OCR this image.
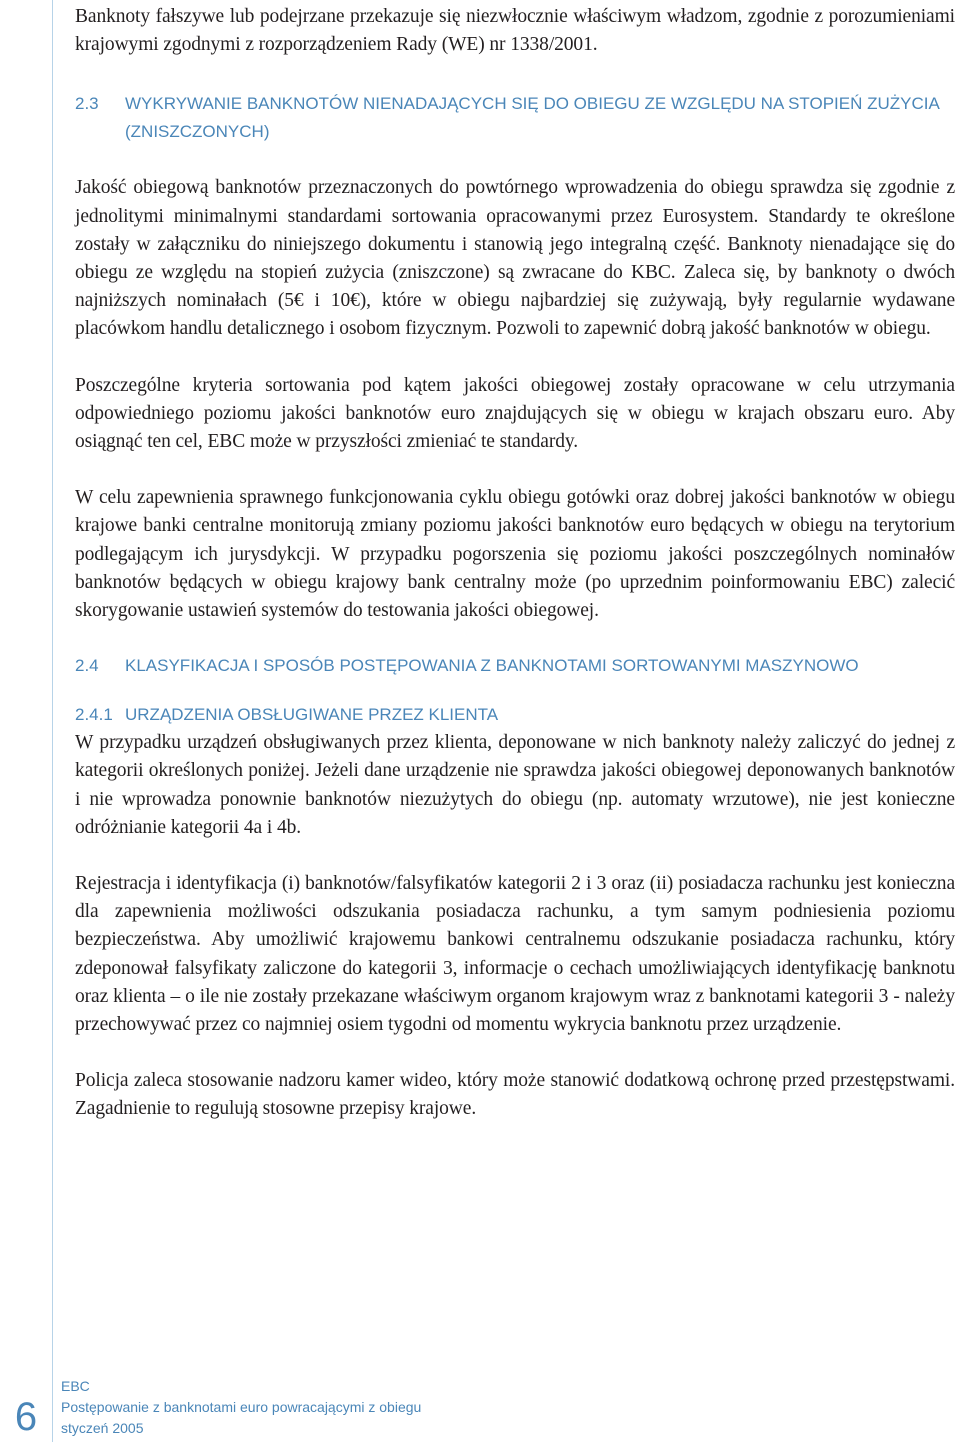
Banknoty fałszywe lub podejrzane przekazuje się niezwłocznie właściwym władzom, zgodnie z porozumieniami krajowymi zgodnymi z rozporządzeniem Rady (WE) nr 1338/2001.

2.3	WYKRYWANIE BANKNOTÓW NIENADAJĄCYCH SIĘ DO OBIEGU ZE WZGLĘDU NA STOPIEŃ ZUŻYCIA (ZNISZCZONYCH)

Jakość obiegową banknotów przeznaczonych do powtórnego wprowadzenia do obiegu sprawdza się zgodnie z jednolitymi minimalnymi standardami sortowania opracowanymi przez Eurosystem. Standardy te określone zostały w załączniku do niniejszego dokumentu i stanowią jego integralną część. Banknoty nienadające się do obiegu ze względu na stopień zużycia (zniszczone) są zwracane do KBC. Zaleca się, by banknoty o dwóch najniższych nominałach (5€ i 10€), które w obiegu najbardziej się zużywają, były regularnie wydawane placówkom handlu detalicznego i osobom fizycznym. Pozwoli to zapewnić dobrą jakość banknotów w obiegu.

Poszczególne kryteria sortowania pod kątem jakości obiegowej zostały opracowane w celu utrzymania odpowiedniego poziomu jakości banknotów euro znajdujących się w obiegu w krajach obszaru euro. Aby osiągnąć ten cel, EBC może w przyszłości zmieniać te standardy.

W celu zapewnienia sprawnego funkcjonowania cyklu obiegu gotówki oraz dobrej jakości banknotów w obiegu krajowe banki centralne monitorują zmiany poziomu jakości banknotów euro będących w obiegu na terytorium podlegającym ich jurysdykcji. W przypadku pogorszenia się poziomu jakości poszczególnych nominałów banknotów będących w obiegu krajowy bank centralny może (po uprzednim poinformowaniu EBC) zalecić skorygowanie ustawień systemów do testowania jakości obiegowej.

2.4	KLASYFIKACJA I SPOSÓB POSTĘPOWANIA Z BANKNOTAMI SORTOWANYMI MASZYNOWO
2.4.1 URZĄDZENIA OBSŁUGIWANE PRZEZ KLIENTA

W przypadku urządzeń obsługiwanych przez klienta, deponowane w nich banknoty należy zaliczyć do jednej z kategorii określonych poniżej. Jeżeli dane urządzenie nie sprawdza jakości obiegowej deponowanych banknotów i nie wprowadza ponownie banknotów niezużytych do obiegu (np. automaty wrzutowe), nie jest konieczne odróżnianie kategorii 4a i 4b.

Rejestracja i identyfikacja (i) banknotów/falsyfikatów kategorii 2 i 3 oraz (ii) posiadacza rachunku jest konieczna dla zapewnienia możliwości odszukania posiadacza rachunku, a tym samym podniesienia poziomu bezpieczeństwa. Aby umożliwić krajowemu bankowi centralnemu odszukanie posiadacza rachunku, który zdeponował falsyfikaty zaliczone do kategorii 3, informacje o cechach umożliwiających identyfikację banknotu oraz klienta – o ile nie zostały przekazane właściwym organom krajowym wraz z banknotami kategorii 3 - należy przechowywać przez co najmniej osiem tygodni od momentu wykrycia banknotu przez urządzenie.

Policja zaleca stosowanie nadzoru kamer wideo, który może stanowić dodatkową ochronę przed przestępstwami. Zagadnienie to regulują stosowne przepisy krajowe.

6
EBC
Postępowanie z banknotami euro powracającymi z obiegu
styczeń 2005
